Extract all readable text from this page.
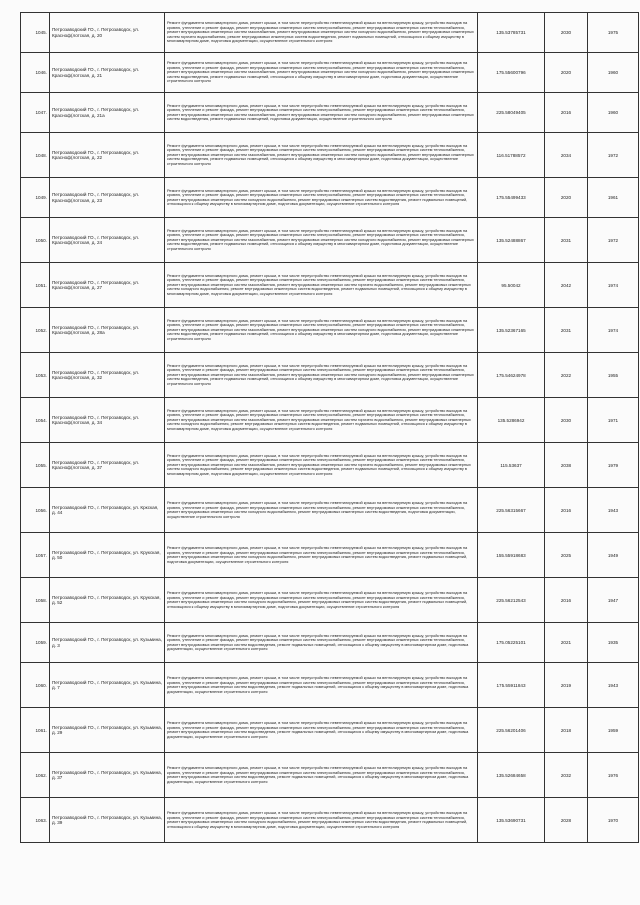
1045.	Петрозаводский ГО., г. Петрозаводск, ул. Красноф(лотская, д. 20	Ремонт фундамента многоквартирного дома, ремонт крыши, в том числе переустройство невентилируемой крыши на вентилируемую крышу, устройство выходов на кровлю, утепление и ремонт фасада, ремонт внутридомовых инженерных систем электроснабжения, ремонт внутридомовых инженерных систем теплоснабжения, ремонт внутридомовых инженерных систем газоснабжения, ремонт внутридомовых инженерных систем холодного водоснабжения, ремонт внутридомовых инженерных систем горячего водоснабжения, ремонт внутридомовых инженерных систем водоотведения, ремонт подвальных помещений, относящихся к общему имуществу в многоквартирном доме, подготовка документации, осуществление строительного контроля	135.53785731	2030	1975
1046.	Петрозаводский ГО., г. Петрозаводск, ул. Красноф(лотская, д. 21	Ремонт фундамента многоквартирного дома, ремонт крыши, в том числе переустройство невентилируемой крыши на вентилируемую крышу, устройство выходов на кровлю, утепление и ремонт фасада, ремонт внутридомовых инженерных систем электроснабжения, ремонт внутридомовых инженерных систем теплоснабжения, ремонт внутридомовых инженерных систем газоснабжения, ремонт внутридомовых инженерных систем холодного водоснабжения, ремонт внутридомовых инженерных систем водоотведения, ремонт подвальных помещений, относящихся к общему имуществу в многоквартирном доме, подготовка документации, осуществление строительного контроля	175.55600796	2020	1960
1047.	Петрозаводский ГО., г. Петрозаводск, ул. Красноф(лотская, д. 21а	Ремонт фундамента многоквартирного дома, ремонт крыши, в том числе переустройство невентилируемой крыши на вентилируемую крышу, устройство выходов на кровлю, утепление и ремонт фасада, ремонт внутридомовых инженерных систем электроснабжения, ремонт внутридомовых инженерных систем теплоснабжения, ремонт внутридомовых инженерных систем газоснабжения, ремонт внутридомовых инженерных систем холодного водоснабжения, ремонт внутридомовых инженерных систем водоотведения, ремонт подвальных помещений, подготовка документации, осуществление строительного контроля	225.58049405	2016	1960
1048.	Петрозаводский ГО., г. Петрозаводск, ул. Красноф(лотская, д. 22	Ремонт фундамента многоквартирного дома, ремонт крыши, в том числе переустройство невентилируемой крыши на вентилируемую крышу, устройство выходов на кровлю, утепление и ремонт фасада, ремонт внутридомовых инженерных систем электроснабжения, ремонт внутридомовых инженерных систем теплоснабжения, ремонт внутридомовых инженерных систем газоснабжения, ремонт внутридомовых инженерных систем холодного водоснабжения, ремонт внутридомовых инженерных систем водоотведения, ремонт подвальных помещений, относящихся к общему имуществу в многоквартирном доме, подготовка документации, осуществление строительного контроля	116.51788572	2034	1972
1049.	Петрозаводский ГО., г. Петрозаводск, ул. Красноф(лотская, д. 23	Ремонт фундамента многоквартирного дома, ремонт крыши, в том числе переустройство невентилируемой крыши на вентилируемую крышу, устройство выходов на кровлю, утепление и ремонт фасада, ремонт внутридомовых инженерных систем электроснабжения, ремонт внутридомовых инженерных систем теплоснабжения, ремонт внутридомовых инженерных систем холодного водоснабжения, ремонт внутридомовых инженерных систем водоотведения, ремонт подвальных помещений, относящихся к общему имуществу в многоквартирном доме, подготовка документации, осуществление строительного контроля	175.55499433	2020	1961
1050.	Петрозаводский ГО., г. Петрозаводск, ул. Красноф(лотская, д. 24	Ремонт фундамента многоквартирного дома, ремонт крыши, в том числе переустройство невентилируемой крыши на вентилируемую крышу, устройство выходов на кровлю, утепление и ремонт фасада, ремонт внутридомовых инженерных систем электроснабжения, ремонт внутридомовых инженерных систем теплоснабжения, ремонт внутридомовых инженерных систем газоснабжения, ремонт внутридомовых инженерных систем холодного водоснабжения, ремонт внутридомовых инженерных систем водоотведения, ремонт подвальных помещений, относящихся к общему имуществу в многоквартирном доме, подготовка документации, осуществление строительного контроля	135.52488867	2031	1972
1051.	Петрозаводский ГО., г. Петрозаводск, ул. Красноф(лотская, д. 27	Ремонт фундамента многоквартирного дома, ремонт крыши, в том числе переустройство невентилируемой крыши на вентилируемую крышу, устройство выходов на кровлю, утепление и ремонт фасада, ремонт внутридомовых инженерных систем электроснабжения, ремонт внутридомовых инженерных систем теплоснабжения, ремонт внутридомовых инженерных систем газоснабжения, ремонт внутридомовых инженерных систем горячего водоснабжения, ремонт внутридомовых инженерных систем холодного водоснабжения, ремонт внутридомовых инженерных систем водоотведения, ремонт подвальных помещений, относящихся к общему имуществу в многоквартирном доме, подготовка документации, осуществление строительного контроля	95.50042	2042	1974
1052.	Петрозаводский ГО., г. Петрозаводск, ул. Красноф(лотская, д. 28а	Ремонт фундамента многоквартирного дома, ремонт крыши, в том числе переустройство невентилируемой крыши на вентилируемую крышу, устройство выходов на кровлю, утепление и ремонт фасада, ремонт внутридомовых инженерных систем электроснабжения, ремонт внутридомовых инженерных систем теплоснабжения, ремонт внутридомовых инженерных систем газоснабжения, ремонт внутридомовых инженерных систем холодного водоснабжения, ремонт внутридомовых инженерных систем водоотведения, ремонт подвальных помещений, относящихся к общему имуществу в многоквартирном доме, подготовка документации, осуществление строительного контроля	135.52367165	2031	1974
1053.	Петрозаводский ГО., г. Петрозаводск, ул. Красноф(лотская, д. 32	Ремонт фундамента многоквартирного дома, ремонт крыши, в том числе переустройство невентилируемой крыши на вентилируемую крышу, устройство выходов на кровлю, утепление и ремонт фасада, ремонт внутридомовых инженерных систем электроснабжения, ремонт внутридомовых инженерных систем теплоснабжения, ремонт внутридомовых инженерных систем газоснабжения, ремонт внутридомовых инженерных систем холодного водоснабжения, ремонт внутридомовых инженерных систем водоотведения, ремонт подвальных помещений, относящихся к общему имуществу в многоквартирном доме, подготовка документации, осуществление строительного контроля	175.54624978	2022	1955
1054.	Петрозаводский ГО., г. Петрозаводск, ул. Красноф(лотская, д. 34	Ремонт фундамента многоквартирного дома, ремонт крыши, в том числе переустройство невентилируемой крыши на вентилируемую крышу, устройство выходов на кровлю, утепление и ремонт фасада, ремонт внутридомовых инженерных систем электроснабжения, ремонт внутридомовых инженерных систем теплоснабжения, ремонт внутридомовых инженерных систем газоснабжения, ремонт внутридомовых инженерных систем горячего водоснабжения, ремонт внутридомовых инженерных систем холодного водоснабжения, ремонт внутридомовых инженерных систем водоотведения, ремонт подвальных помещений, относящихся к общему имуществу в многоквартирном доме, подготовка документации, осуществление строительного контроля	135.5286942	2030	1971
1055.	Петрозаводский ГО., г. Петрозаводск, ул. Красноф(лотская, д. 37	Ремонт фундамента многоквартирного дома, ремонт крыши, в том числе переустройство невентилируемой крыши на вентилируемую крышу, устройство выходов на кровлю, утепление и ремонт фасада, ремонт внутридомовых инженерных систем электроснабжения, ремонт внутридомовых инженерных систем теплоснабжения, ремонт внутридомовых инженерных систем газоснабжения, ремонт внутридомовых инженерных систем горячего водоснабжения, ремонт внутридомовых инженерных систем холодного водоснабжения, ремонт внутридомовых инженерных систем водоотведения, ремонт подвальных помещений, относящихся к общему имуществу в многоквартирном доме, подготовка документации, осуществление строительного контроля	115.53637	2038	1979
1056.	Петрозаводский ГО., г. Петрозаводск, ул. Кркская, д. 44	Ремонт фундамента многоквартирного дома, ремонт крыши, в том числе переустройство невентилируемой крыши на вентилируемую крышу, устройство выходов на кровлю, утепление и ремонт фасада, ремонт внутридомовых инженерных систем электроснабжения, ремонт внутридомовых инженерных систем теплоснабжения, ремонт внутридомовых инженерных систем холодного водоснабжения, ремонт внутридомовых инженерных систем водоотведения, подготовка документации, осуществление строительного контроля	225.56315667	2016	1943
1057.	Петрозаводский ГО., г. Петрозаводск, ул. Крукская, д. 50	Ремонт фундамента многоквартирного дома, ремонт крыши, в том числе переустройство невентилируемой крыши на вентилируемую крышу, устройство выходов на кровлю, утепление и ремонт фасада, ремонт внутридомовых инженерных систем электроснабжения, ремонт внутридомовых инженерных систем теплоснабжения, ремонт внутридомовых инженерных систем холодного водоснабжения, ремонт внутридомовых инженерных систем водоотведения, ремонт подвальных помещений, подготовка документации, осуществление строительного контроля	155.55918683	2025	1949
1058.	Петрозаводский ГО., г. Петрозаводск, ул. Крукская, д. 52	Ремонт фундамента многоквартирного дома, ремонт крыши, в том числе переустройство невентилируемой крыши на вентилируемую крышу, устройство выходов на кровлю, утепление и ремонт фасада, ремонт внутридомовых инженерных систем электроснабжения, ремонт внутридомовых инженерных систем теплоснабжения, ремонт внутридомовых инженерных систем холодного водоснабжения, ремонт внутридомовых инженерных систем водоотведения, ремонт подвальных помещений, относящихся к общему имуществу в многоквартирном доме, подготовка документации, осуществление строительного контроля	225.56212543	2016	1947
1059.	Петрозаводский ГО., г. Петрозаводск, ул. Кузьмина, д. 3	Ремонт фундамента многоквартирного дома, ремонт крыши, в том числе переустройство невентилируемой крыши на вентилируемую крышу, устройство выходов на кровлю, утепление и ремонт фасада, ремонт внутридомовых инженерных систем электроснабжения, ремонт внутридомовых инженерных систем теплоснабжения, ремонт внутридомовых инженерных систем водоотведения, ремонт подвальных помещений, относящихся к общему имуществу в многоквартирном доме, подготовка документации, осуществление строительного контроля	175.05225101	2021	1935
1060.	Петрозаводский ГО., г. Петрозаводск, ул. Кузьмина, д. 7	Ремонт фундамента многоквартирного дома, ремонт крыши, в том числе переустройство невентилируемой крыши на вентилируемую крышу, устройство выходов на кровлю, утепление и ремонт фасада, ремонт внутридомовых инженерных систем электроснабжения, ремонт внутридомовых инженерных систем теплоснабжения, ремонт внутридомовых инженерных систем водоотведения, ремонт подвальных помещений, относящихся к общему имуществу в многоквартирном доме, подготовка документации, осуществление строительного контроля	175.55911843	2019	1943
1061.	Петрозаводский ГО., г. Петрозаводск, ул. Кузьмина, д. 29	Ремонт фундамента многоквартирного дома, ремонт крыши, в том числе переустройство невентилируемой крыши на вентилируемую крышу, устройство выходов на кровлю, утепление и ремонт фасада, ремонт внутридомовых инженерных систем электроснабжения, ремонт внутридомовых инженерных систем теплоснабжения, ремонт внутридомовых инженерных систем водоотведения, ремонт подвальных помещений, относящихся к общему имуществу в многоквартирном доме, подготовка документации, осуществление строительного контроля	225.56201406	2018	1959
1062.	Петрозаводский ГО., г. Петрозаводск, ул. Кузьмина, д. 37	Ремонт фундамента многоквартирного дома, ремонт крыши, в том числе переустройство невентилируемой крыши на вентилируемую крышу, устройство выходов на кровлю, утепление и ремонт фасада, ремонт внутридомовых инженерных систем электроснабжения, ремонт внутридомовых инженерных систем теплоснабжения, ремонт внутридомовых инженерных систем водоотведения, ремонт подвальных помещений, относящихся к общему имуществу в многоквартирном доме, подготовка документации, осуществление строительного контроля	135.52684658	2032	1976
1063.	Петрозаводский ГО., г. Петрозаводск, ул. Кузьмина, д. 39	Ремонт фундамента многоквартирного дома, ремонт крыши, в том числе переустройство невентилируемой крыши на вентилируемую крышу, устройство выходов на кровлю, утепление и ремонт фасада, ремонт внутридомовых инженерных систем электроснабжения, ремонт внутридомовых инженерных систем теплоснабжения, ремонт внутридомовых инженерных систем холодного водоснабжения, ремонт внутридомовых инженерных систем водоотведения, ремонт подвальных помещений, относящихся к общему имуществу в многоквартирном доме, подготовка документации, осуществление строительного контроля	135.53690731	2028	1970
